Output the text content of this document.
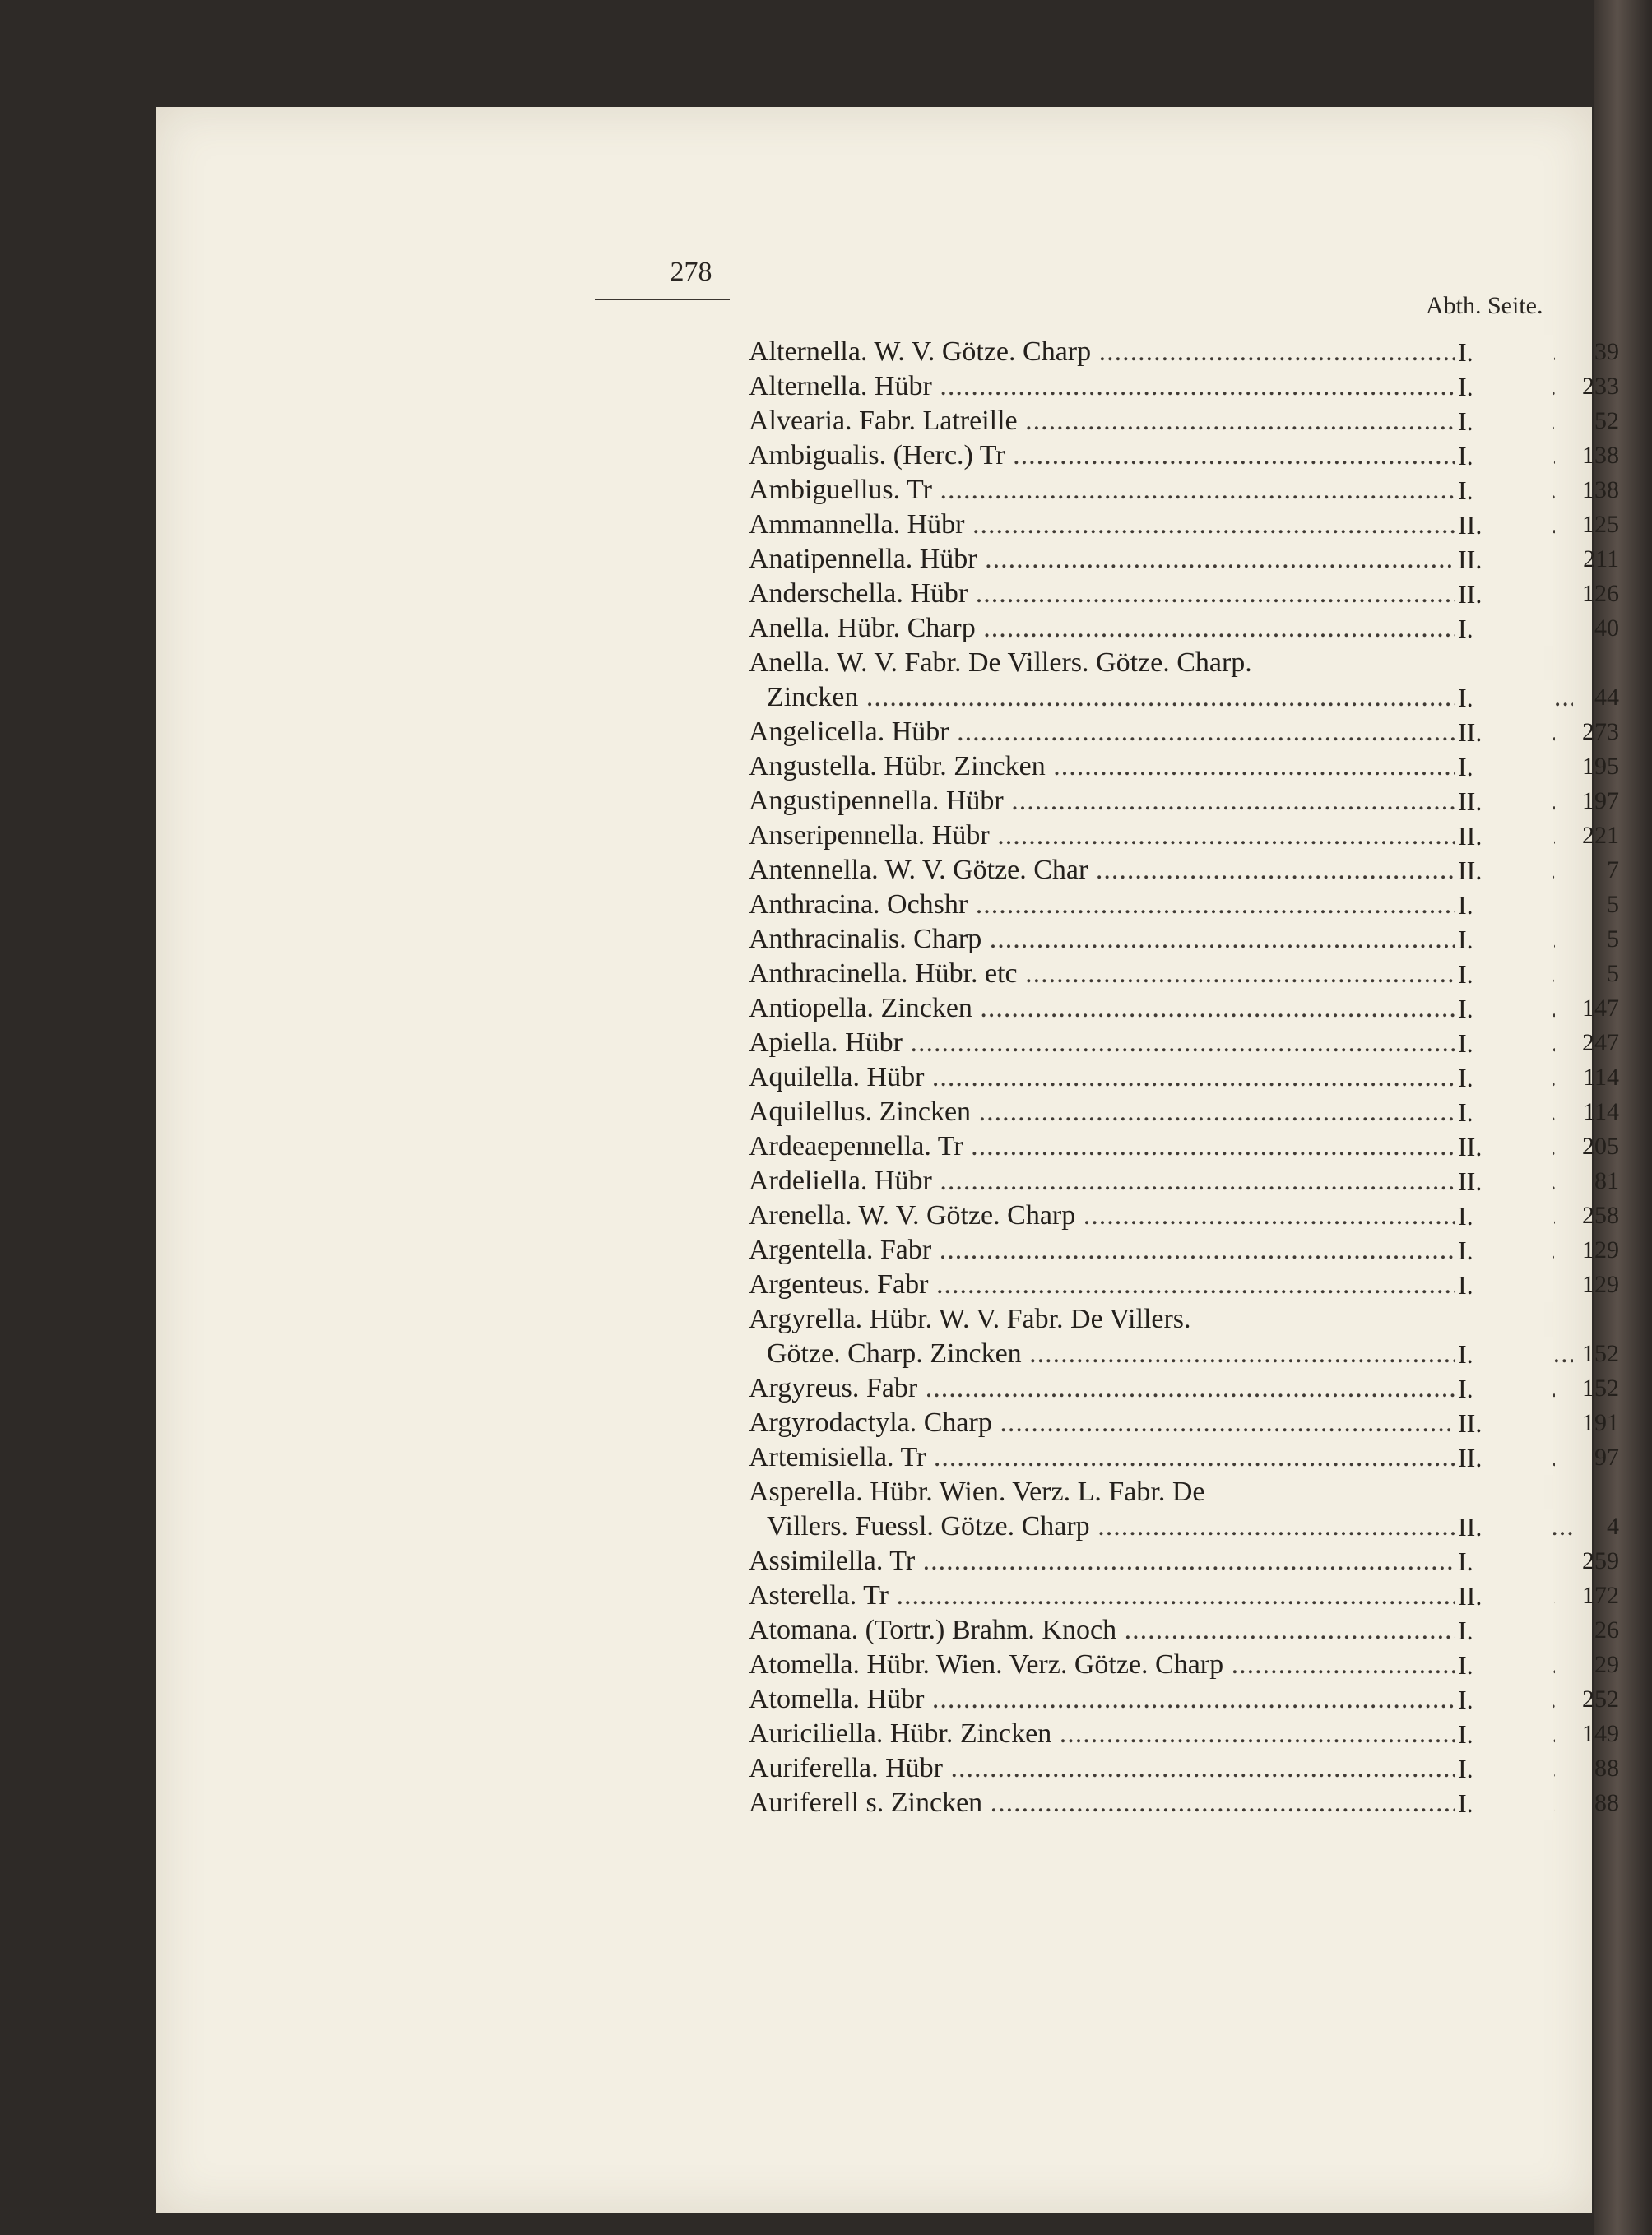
278
Abth. Seite.
Alternella. W. V. Götze. Charp .....	I.	39
Alternella. Hübr .....	I.	233
Alvearia. Fabr. Latreille .....	I.	52
Ambigualis. (Herc.) Tr .....	I.	138
Ambiguellus. Tr .....	I.	138
Ammannella. Hübr .....	II.	125
Anatipennella. Hübr .....	II.	211
Anderschella. Hübr .....	II.	126
Anella. Hübr. Charp .....	I.	40
Anella. W. V. Fabr. De Villers. Götze. Charp.
Zincken .....	I.	44
Angelicella. Hübr .....	II.	273
Angustella. Hübr. Zincken .....	I.	195
Angustipennella. Hübr .....	II.	197
Anseripennella. Hübr .....	II.	221
Antennella. W. V. Götze. Char .....	II.	7
Anthracina. Ochshr .....	I.	5
Anthracinalis. Charp .....	I.	5
Anthracinella. Hübr. etc .....	I.	5
Antiopella. Zincken .....	I.	147
Apiella. Hübr .....	I.	247
Aquilella. Hübr .....	I.	114
Aquilellus. Zincken .....	I.	114
Ardeaepennella. Tr .....	II.	205
Ardeliella. Hübr .....	II.	81
Arenella. W. V. Götze. Charp .....	I.	258
Argentella. Fabr .....	I.	129
Argenteus. Fabr .....	I.	129
Argyrella. Hübr. W. V. Fabr. De Villers.
Götze. Charp. Zincken .....	I.	152
Argyreus. Fabr .....	I.	152
Argyrodactyla. Charp .....	II.	191
Artemisiella. Tr .....	II.	97
Asperella. Hübr. Wien. Verz. L. Fabr. De
Villers. Fuessl. Götze. Charp .....	II.	4
Assimilella. Tr .....	I.	259
Asterella. Tr .....	II.	172
Atomana. (Tortr.) Brahm. Knoch .....	I.	26
Atomella. Hübr. Wien. Verz. Götze. Charp .....	I.	29
Atomella. Hübr .....	I.	252
Auriciliella. Hübr. Zincken .....	I.	149
Auriferella. Hübr .....	I.	88
Auriferell s. Zincken .....	I.	88
